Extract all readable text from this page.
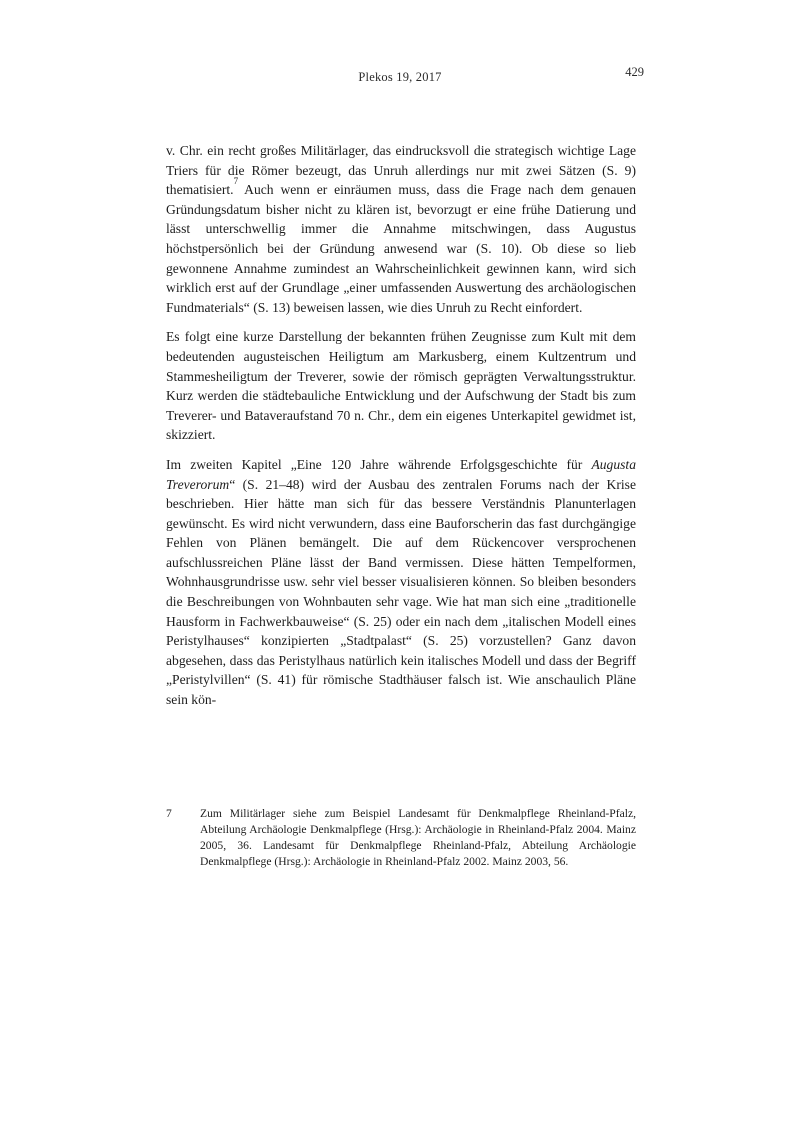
Plekos 19, 2017	429

v. Chr. ein recht großes Militärlager, das eindrucksvoll die strategisch wichtige Lage Triers für die Römer bezeugt, das Unruh allerdings nur mit zwei Sätzen (S. 9) thematisiert.$^7$ Auch wenn er einräumen muss, dass die Frage nach dem genauen Gründungsdatum bisher nicht zu klären ist, bevorzugt er eine frühe Datierung und lässt unterschwellig immer die Annahme mitschwingen, dass Augustus höchstpersönlich bei der Gründung anwesend war (S. 10). Ob diese so lieb gewonnene Annahme zumindest an Wahrscheinlichkeit gewinnen kann, wird sich wirklich erst auf der Grundlage „einer umfassenden Auswertung des archäologischen Fundmaterials“ (S. 13) beweisen lassen, wie dies Unruh zu Recht einfordert.

Es folgt eine kurze Darstellung der bekannten frühen Zeugnisse zum Kult mit dem bedeutenden augusteischen Heiligtum am Markusberg, einem Kultzentrum und Stammesheiligtum der Treverer, sowie der römisch geprägten Verwaltungsstruktur. Kurz werden die städtebauliche Entwicklung und der Aufschwung der Stadt bis zum Treverer- und Bataveraufstand 70 n. Chr., dem ein eigenes Unterkapitel gewidmet ist, skizziert.

Im zweiten Kapitel „Eine 120 Jahre währende Erfolgsgeschichte für Augusta Treverorum“ (S. 21–48) wird der Ausbau des zentralen Forums nach der Krise beschrieben. Hier hätte man sich für das bessere Verständnis Planunterlagen gewünscht. Es wird nicht verwundern, dass eine Bauforscherin das fast durchgängige Fehlen von Plänen bemängelt. Die auf dem Rückencover versprochenen aufschlussreichen Pläne lässt der Band vermissen. Diese hätten Tempelformen, Wohnhausgrundrisse usw. sehr viel besser visualisieren können. So bleiben besonders die Beschreibungen von Wohnbauten sehr vage. Wie hat man sich eine „traditionelle Hausform in Fachwerkbauweise“ (S. 25) oder ein nach dem „italischen Modell eines Peristylhauses“ konzipierten „Stadtpalast“ (S. 25) vorzustellen? Ganz davon abgesehen, dass das Peristylhaus natürlich kein italisches Modell und dass der Begriff „Peristylvillen“ (S. 41) für römische Stadthäuser falsch ist. Wie anschaulich Pläne sein kön-

7 Zum Militärlager siehe zum Beispiel Landesamt für Denkmalpflege Rheinland-Pfalz, Abteilung Archäologie Denkmalpflege (Hrsg.): Archäologie in Rheinland-Pfalz 2004. Mainz 2005, 36. Landesamt für Denkmalpflege Rheinland-Pfalz, Abteilung Archäologie Denkmalpflege (Hrsg.): Archäologie in Rheinland-Pfalz 2002. Mainz 2003, 56.
